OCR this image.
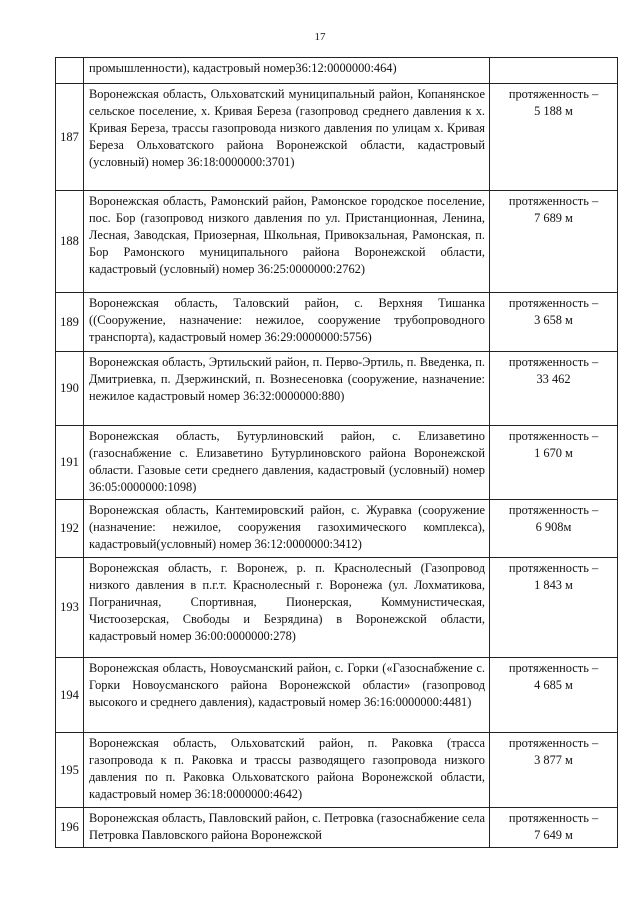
17
	промышленности), кадастровый номер36:12:0000000:464)	

187	Воронежская область, Ольховатский муниципальный район, Копанянское сельское поселение, х. Кривая Береза (газопровод среднего давления к х. Кривая Береза, трассы газопровода низкого давления по улицам х. Кривая Береза Ольховатского района Воронежской области, кадастровый (условный) номер 36:18:0000000:3701)	протяженность –
5 188 м

188	Воронежская область, Рамонский район, Рамонское городское поселение, пос. Бор (газопровод низкого давления по ул. Пристанционная, Ленина, Лесная, Заводская, Приозерная, Школьная, Привокзальная, Рамонская, п. Бор Рамонского муниципального района Воронежской области, кадастровый (условный) номер 36:25:0000000:2762)	протяженность –
7 689 м

189	Воронежская область, Таловский район, с. Верхняя Тишанка ((Сооружение, назначение: нежилое, сооружение трубопроводного транспорта), кадастровый номер 36:29:0000000:5756)	протяженность –
3 658 м

190	Воронежская область, Эртильский район, п. Перво-Эртиль, п. Введенка, п. Дмитриевка, п. Дзержинский, п. Вознесеновка (сооружение, назначение: нежилое кадастровый номер 36:32:0000000:880)	протяженность –
33 462

191	Воронежская область, Бутурлиновский район, с. Елизаветино (газоснабжение с. Елизаветино Бутурлиновского района Воронежской области. Газовые сети среднего давления, кадастровый (условный) номер 36:05:0000000:1098)	протяженность –
1 670 м

192	Воронежская область, Кантемировский район, с. Журавка (сооружение (назначение: нежилое, сооружения газохимического комплекса), кадастровый(условный) номер 36:12:0000000:3412)	протяженность –
6 908м

193	Воронежская область, г. Воронеж, р. п. Краснолесный (Газопровод низкого давления в п.г.т. Краснолесный г. Воронежа (ул. Лохматикова, Пограничная, Спортивная, Пионерская, Коммунистическая, Чистоозерская, Свободы и Безрядина) в Воронежской области, кадастровый номер 36:00:0000000:278)	протяженность –
1 843 м

194	Воронежская область, Новоусманский район, с. Горки («Газоснабжение с. Горки Новоусманского района Воронежской области» (газопровод высокого и среднего давления), кадастровый номер 36:16:0000000:4481)	протяженность –
4 685 м

195	Воронежская область, Ольховатский район, п. Раковка (трасса газопровода к п. Раковка и трассы разводящего газопровода низкого давления по п. Раковка Ольховатского района Воронежской области, кадастровый номер 36:18:0000000:4642)	протяженность –
3 877 м

196	Воронежская область, Павловский район, с. Петровка (газоснабжение села Петровка Павловского района Воронежской	протяженность –
7 649 м
